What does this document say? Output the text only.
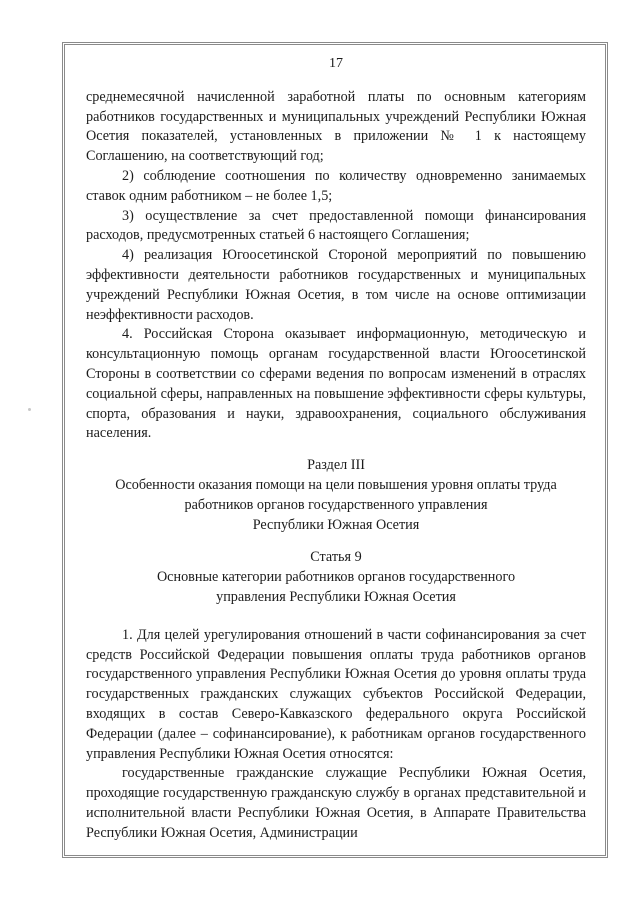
17

среднемесячной начисленной заработной платы по основным категориям работников государственных и муниципальных учреждений Республики Южная Осетия показателей, установленных в приложении № 1 к настоящему Соглашению, на соответствующий год;

2) соблюдение соотношения по количеству одновременно занимаемых ставок одним работником – не более 1,5;

3) осуществление за счет предоставленной помощи финансирования расходов, предусмотренных статьей 6 настоящего Соглашения;

4) реализация Югоосетинской Стороной мероприятий по повышению эффективности деятельности работников государственных и муниципальных учреждений Республики Южная Осетия, в том числе на основе оптимизации неэффективности расходов.

4. Российская Сторона оказывает информационную, методическую и консультационную помощь органам государственной власти Югоосетинской Стороны в соответствии со сферами ведения по вопросам изменений в отраслях социальной сферы, направленных на повышение эффективности сферы культуры, спорта, образования и науки, здравоохранения, социального обслуживания населения.

Раздел III
Особенности оказания помощи на цели повышения уровня оплаты труда
работников органов государственного управления
Республики Южная Осетия
Статья 9
Основные категории работников органов государственного
управления Республики Южная Осетия

1. Для целей урегулирования отношений в части софинансирования за счет средств Российской Федерации повышения оплаты труда работников органов государственного управления Республики Южная Осетия до уровня оплаты труда государственных гражданских служащих субъектов Российской Федерации, входящих в состав Северо-Кавказского федерального округа Российской Федерации (далее – софинансирование), к работникам органов государственного управления Республики Южная Осетия относятся:

государственные гражданские служащие Республики Южная Осетия, проходящие государственную гражданскую службу в органах представительной и исполнительной власти Республики Южная Осетия, в Аппарате Правительства Республики Южная Осетия, Администрации
